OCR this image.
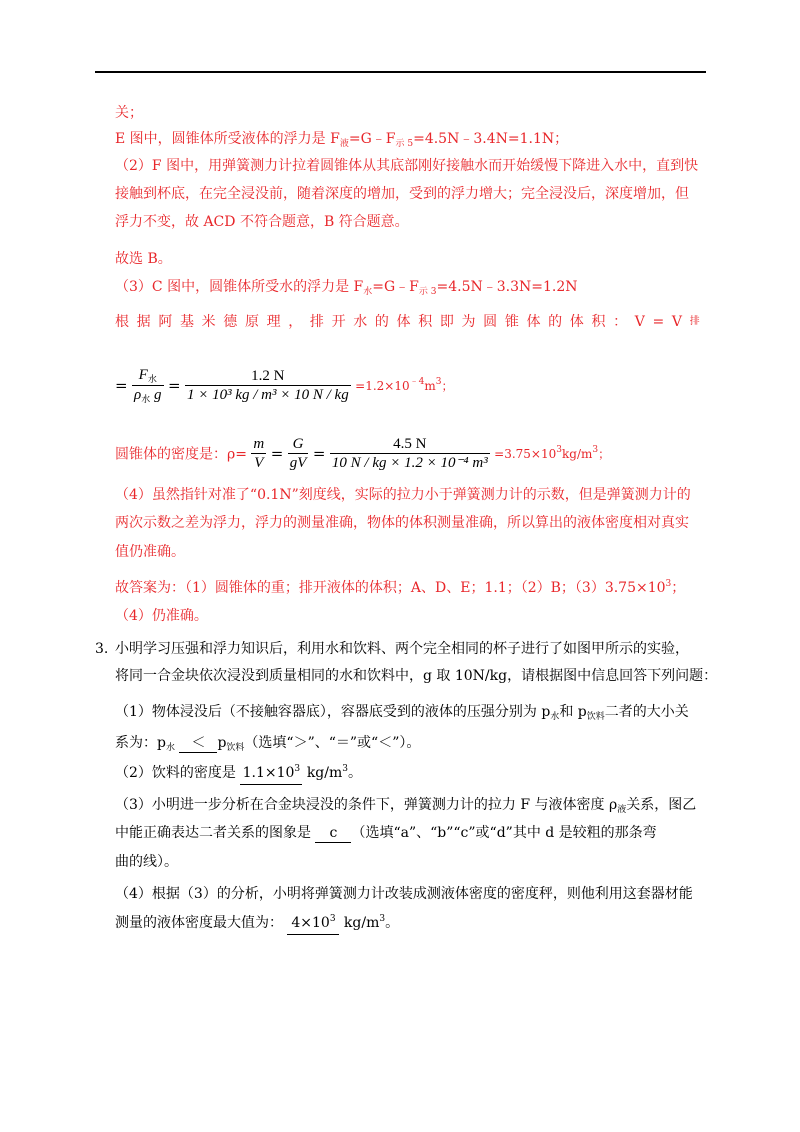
关；
E 图中，圆锥体所受液体的浮力是 $F_液=G﹣F_{示 5}=4.5N﹣3.4N=1.1N$；
（2）F 图中，用弹簧测力计拉着圆锥体从其底部刚好接触水而开始缓慢下降进入水中，直到快
接触到杯底，在完全浸没前，随着深度的增加，受到的浮力增大；完全浸没后，深度增加，但
浮力不变，故 ACD 不符合题意，B 符合题意。
故选 B。
（3）C 图中，圆锥体所受水的浮力是 $F_水=G﹣F_{示 3}=4.5N﹣3.3N=1.2N$
根 据 阿 基 米 德 原 理 ， 排 开 水 的 体 积 即 为 圆 锥 体 的 体 积 ： V = V 排
= $\frac{F_水}{\rho_水 g} = \frac{1.2 N}{\text{1 × 10³ kg / m³ × 10 N / kg}} =1.2\times 10^{﹣4}m^3$；
圆锥体的密度是：$\rho= \frac{m}{V} = \frac{G}{gV} = \frac{4.5 N}{\text{10 N / kg × 1.2 × 10⁻⁴ m³}} =3.75\times 10^3kg/m^3$；
（4）虽然指针对准了“0.1N”刻度线，实际的拉力小于弹簧测力计的示数，但是弹簧测力计的
两次示数之差为浮力，浮力的测量准确，物体的体积测量准确，所以算出的液体密度相对真实
值仍准确。
故答案为：（1）圆锥体的重；排开液体的体积；A、D、E；1.1；（2）B；$(3)3.75\times 10^3$；
（4）仍准确。
3. 小明学习压强和浮力知识后，利用水和饮料、两个完全相同的杯子进行了如图甲所示的实验，
将同一合金块依次浸没到质量相同的水和饮料中，g 取 10N/kg，请根据图中信息回答下列问题：
（1）物体浸没后（不接触容器底），容器底受到的液体的压强分别为 $p_水$和 $p_{饮料}$二者的大小关
系为：$p_水 < p_{饮料}$（选填“＞”、“＝”或“＜”）。
（2）饮料的密度是 $1.1\times 10^3$ $kg/m^3$。
（3）小明进一步分析在合金块浸没的条件下，弹簧测力计的拉力 F 与液体密度 $\rho_液$关系，图乙
中能正确表达二者关系的图象是 c （选填“a”、“b”“c”或“d”其中 d 是较粗的那条弯
曲的线）。
（4）根据（3）的分析，小明将弹簧测力计改装成测液体密度的密度秤，则他利用这套器材能
测量的液体密度最大值为： $4\times 10^3$ $kg/m^3$。
